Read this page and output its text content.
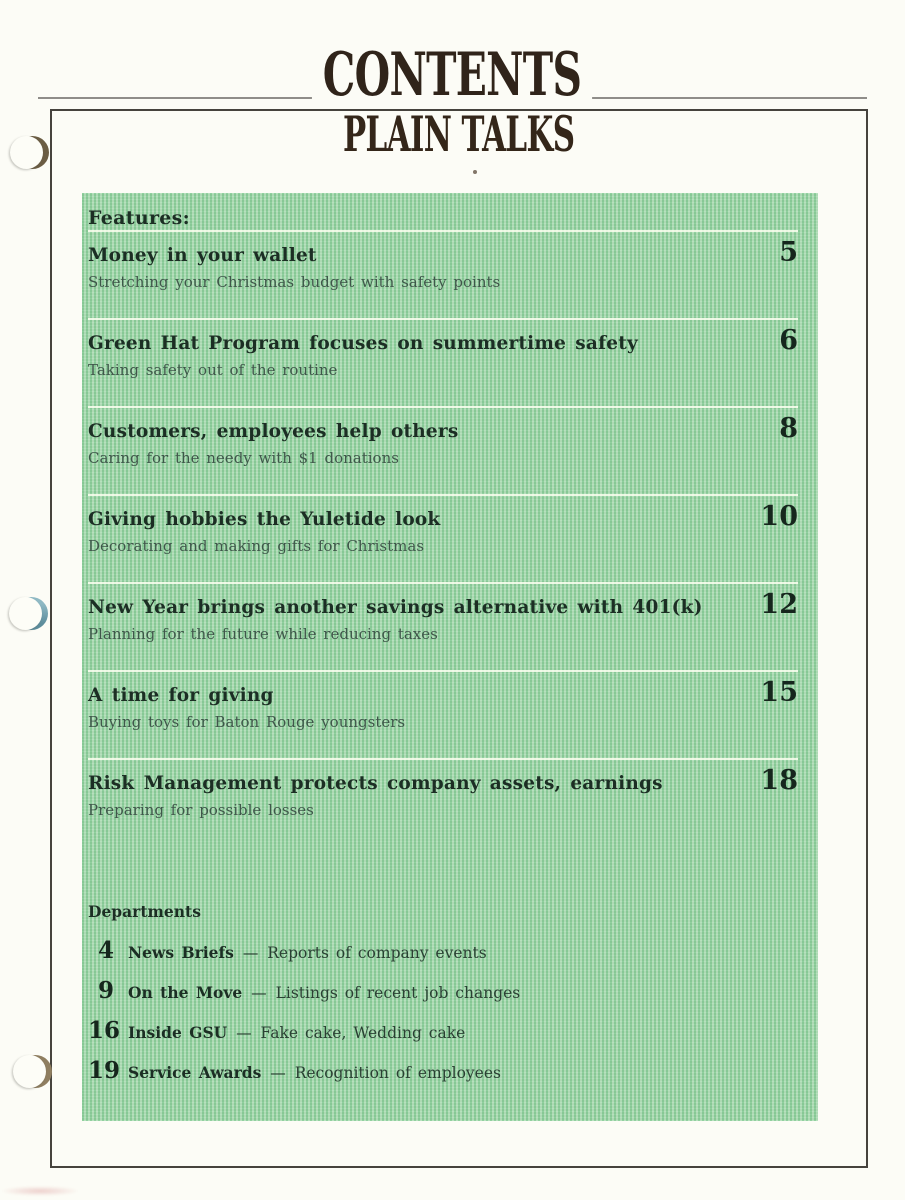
CONTENTS
PLAIN TALKS
Features:
Money in your wallet	5
Stretching your Christmas budget with safety points
Green Hat Program focuses on summertime safety	6
Taking safety out of the routine
Customers, employees help others	8
Caring for the needy with $1 donations
Giving hobbies the Yuletide look	10
Decorating and making gifts for Christmas
New Year brings another savings alternative with 401(k) 12
Planning for the future while reducing taxes
A time for giving	15
Buying toys for Baton Rouge youngsters
Risk Management protects company assets, earnings	18
Preparing for possible losses
Departments
4 News Briefs — Reports of company events
9 On the Move — Listings of recent job changes
16 Inside GSU — Fake cake, Wedding cake
19 Service Awards — Recognition of employees
